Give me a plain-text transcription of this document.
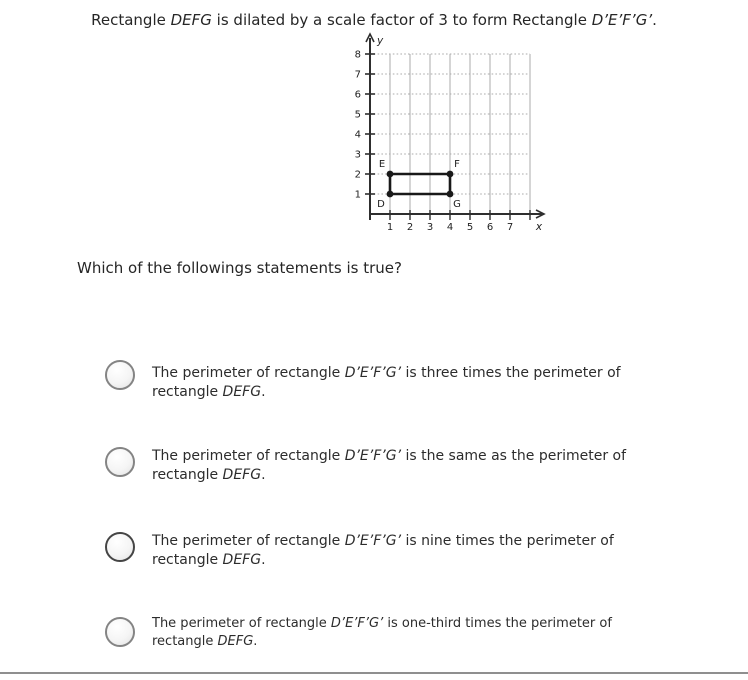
Rectangle DEFG is dilated by a scale factor of 3 to form Rectangle D’E’F’G’.
1 2 3 4 5 6 7
1
2
3
4
5
6
7
8
x
y
D
E	F
G
Which of the followings statements is true?
The perimeter of rectangle D’E’F’G’ is three times the perimeter of
rectangle DEFG.
The perimeter of rectangle D’E’F’G’ is the same as the perimeter of
rectangle DEFG.
The perimeter of rectangle D’E’F’G’ is nine times the perimeter of
rectangle DEFG.
The perimeter of rectangle D’E’F’G’ is one-third times the perimeter of
rectangle DEFG.
